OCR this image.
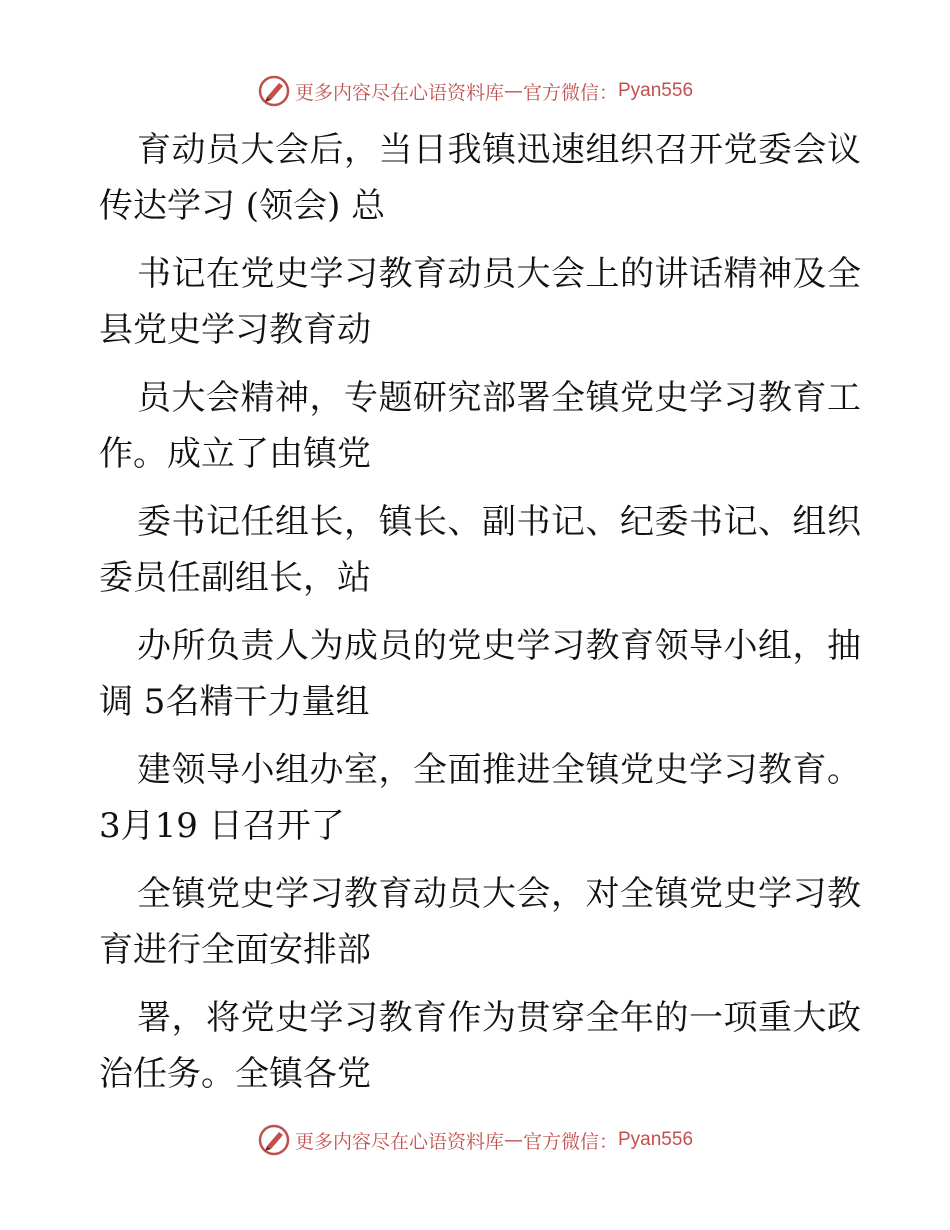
更多内容尽在心语资料库 — 官方微信： Pyan556
育动员大会后，当日我镇迅速组织召开党委会议
传达学习 (领会) 总
书记在党史学习教育动员大会上的讲话精神及全
县党史学习教育动
员大会精神，专题研究部署全镇党史学习教育工
作。成立了由镇党
委书记任组长，镇长、副书记、纪委书记、组织
委员任副组长，站
办所负责人为成员的党史学习教育领导小组，抽
调 5名精干力量组
建领导小组办室，全面推进全镇党史学习教育。
3月19 日召开了
全镇党史学习教育动员大会，对全镇党史学习教
育进行全面安排部
署，将党史学习教育作为贯穿全年的一项重大政
治任务。全镇各党
更多内容尽在心语资料库 — 官方微信： Pyan556
